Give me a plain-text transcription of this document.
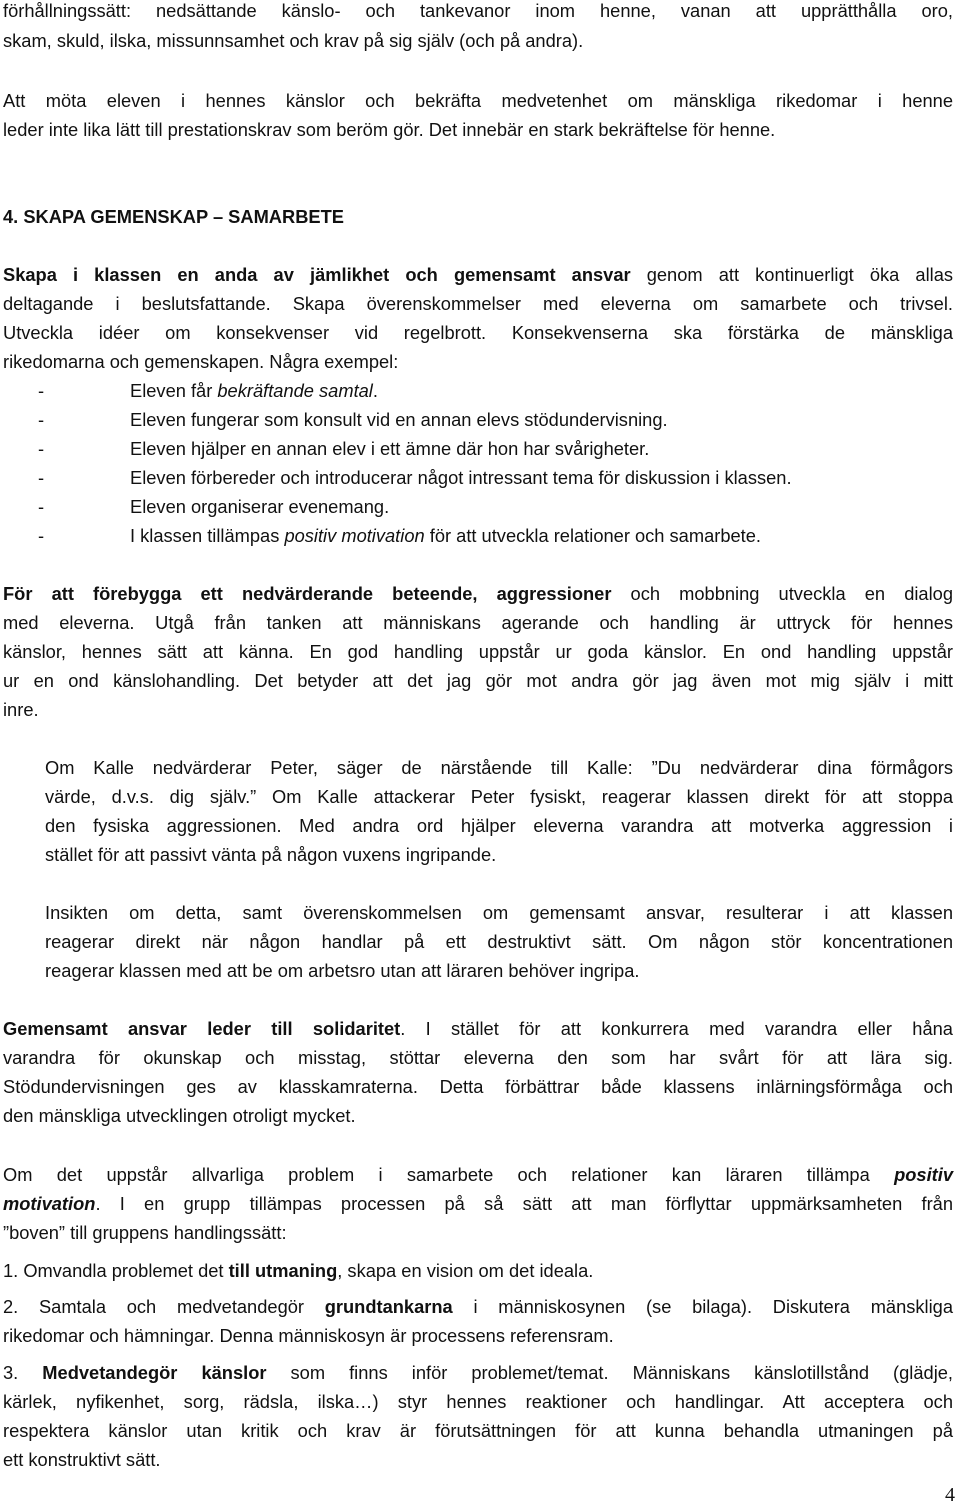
förhållningssätt: nedsättande känslo- och tankevanor inom henne, vanan att upprätthålla oro,
skam, skuld, ilska, missunnsamhet och krav på sig själv (och på andra).
Att möta eleven i hennes känslor och bekräfta medvetenhet om mänskliga rikedomar i henne
leder inte lika lätt till prestationskrav som beröm gör. Det innebär en stark bekräftelse för henne.
4. SKAPA GEMENSKAP – SAMARBETE
Skapa i klassen en anda av jämlikhet och gemensamt ansvar genom att kontinuerligt öka allas
deltagande i beslutsfattande. Skapa överenskommelser med eleverna om samarbete och trivsel.
Utveckla idéer om konsekvenser vid regelbrott. Konsekvenserna ska förstärka de mänskliga
rikedomarna och gemenskapen. Några exempel:
-	Eleven får bekräftande samtal.
-	Eleven fungerar som konsult vid en annan elevs stödundervisning.
-	Eleven hjälper en annan elev i ett ämne där hon har svårigheter.
-	Eleven förbereder och introducerar något intressant tema för diskussion i klassen.
-	Eleven organiserar evenemang.
-	I klassen tillämpas positiv motivation för att utveckla relationer och samarbete.
För att förebygga ett nedvärderande beteende, aggressioner och mobbning utveckla en dialog
med eleverna. Utgå från tanken att människans agerande och handling är uttryck för hennes
känslor, hennes sätt att känna. En god handling uppstår ur goda känslor. En ond handling uppstår
ur en ond känslohandling. Det betyder att det jag gör mot andra gör jag även mot mig själv i mitt
inre.
Om Kalle nedvärderar Peter, säger de närstående till Kalle: ”Du nedvärderar dina förmågors
värde, d.v.s. dig själv.” Om Kalle attackerar Peter fysiskt, reagerar klassen direkt för att stoppa
den fysiska aggressionen. Med andra ord hjälper eleverna varandra att motverka aggression i
stället för att passivt vänta på någon vuxens ingripande.
Insikten om detta, samt överenskommelsen om gemensamt ansvar, resulterar i att klassen
reagerar direkt när någon handlar på ett destruktivt sätt. Om någon stör koncentrationen
reagerar klassen med att be om arbetsro utan att läraren behöver ingripa.
Gemensamt ansvar leder till solidaritet. I stället för att konkurrera med varandra eller håna
varandra för okunskap och misstag, stöttar eleverna den som har svårt för att lära sig.
Stödundervisningen ges av klasskamraterna. Detta förbättrar både klassens inlärningsförmåga och
den mänskliga utvecklingen otroligt mycket.
Om det uppstår allvarliga problem i samarbete och relationer kan läraren tillämpa positiv
motivation. I en grupp tillämpas processen på så sätt att man förflyttar uppmärksamheten från
”boven” till gruppens handlingssätt:
1. Omvandla problemet det till utmaning, skapa en vision om det ideala.
2. Samtala och medvetandegör grundtankarna i människosynen (se bilaga). Diskutera mänskliga
rikedomar och hämningar. Denna människosyn är processens referensram.
3. Medvetandegör känslor som finns inför problemet/temat. Människans känslotillstånd (glädje,
kärlek, nyfikenhet, sorg, rädsla, ilska…) styr hennes reaktioner och handlingar. Att acceptera och
respektera känslor utan kritik och krav är förutsättningen för att kunna behandla utmaningen på
ett konstruktivt sätt.
4
